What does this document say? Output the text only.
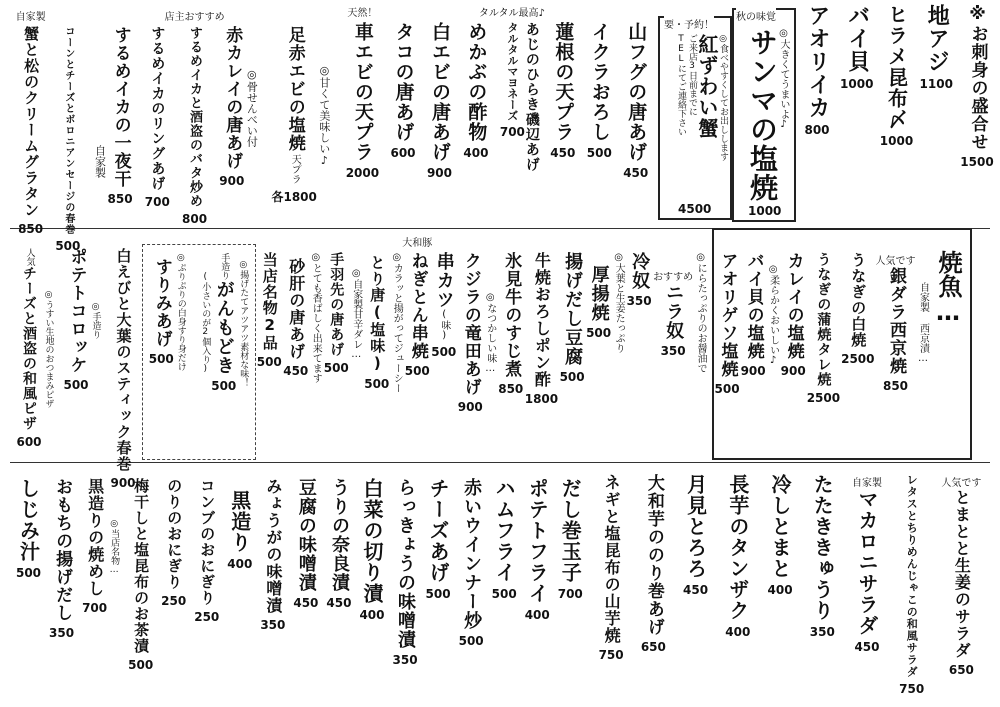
※お刺身の盛合せ
1500
地アジ
1100
ヒラメ昆布〆
1000
バイ貝
1000
アオリイカ
800
秋の味覚
◎大きくてうまいよ♪
サンマの塩焼
1000
要・予約！
◎食べやすくしてお出しします
紅ずわい蟹
ご来店3日前までに
TELにてご連絡下さい
4500
山フグの唐あげ
450
イクラおろし
500
蓮根の天プラ
450
タルタル最高♪
あじのひらき磯辺あげ
タルタルマヨネーズ
700
めかぶの酢物
400
白エビの唐あげ
900
タコの唐あげ
600
天然！
車エビの天プラ
2000
◎甘くて美味しい♪
足赤エビの塩焼
天プラ
各1800
◎骨せんべい付
赤カレイの唐あげ
900
店主おすすめ
するめイカと酒盗のバタ炒め
800
するめイカのリングあげ
700
するめイカの一夜干
850
自家製
コーンとチーズとボロニアンセージの春巻
500
自家製
蟹と松のクリームグラタン
850
焼魚…
自家製 西京漬…
人気です
銀ダラ西京焼
850
うなぎの白焼
2500
うなぎの蒲焼タレ焼
2500
カレイの塩焼
900
◎柔らかくおいしい♪
バイ貝の塩焼
900
アオリゲソ塩焼
500
◎にらたっぷりのお醤油で
おすすめ
ニラ奴
350
冷奴
350
◎大葉と生姜たっぷり
厚揚焼
500
揚げだし豆腐
500
牛焼おろしポン酢
1800
氷見牛のすじ煮
850
◎なつかしい味…
クジラの竜田あげ
900
串カツ
(味)
500
大和豚
ねぎとん串焼
500
◎カラッと揚がってジューシー
とり唐(塩味)
500
◎自家製甘辛ダレ…
手羽先の唐あげ
500
◎とても香ばしく出来てます
砂肝の唐あげ
450
当店名物2品
500
◎揚げたてアツアツ素材な味！
手造り
がんもどき
500
(小さいのが2個入り)
◎ぷりぷりの白身すり身だけ
すりみあげ
500
白えびと大葉のスティック春巻
900
◎手造り
ポテトコロッケ
500
◎うすい生地のおつまみピザ
人気
チーズと酒盗の和風ピザ
600
人気です
とまとと生姜のサラダ
650
レタスとちりめんじゃこの和風サラダ
750
自家製
マカロニサラダ
450
たたききゅうり
350
冷しとまと
400
長芋のタンザク
400
月見とろろ
450
大和芋ののり巻あげ
650
ネギと塩昆布の山芋焼
750
だし巻玉子
700
ポテトフライ
400
ハムフライ
500
赤いウインナー炒
500
チーズあげ
500
らっきょうの味噌漬
350
白菜の切り漬
400
うりの奈良漬
450
豆腐の味噌漬
450
みょうがの味噌漬
350
黒造り
400
コンブのおにぎり
250
のりのおにぎり
250
梅干しと塩昆布のお茶漬
500
◎当店名物…
黒造りの焼めし
700
おもちの揚げだし
350
しじみ汁
500
